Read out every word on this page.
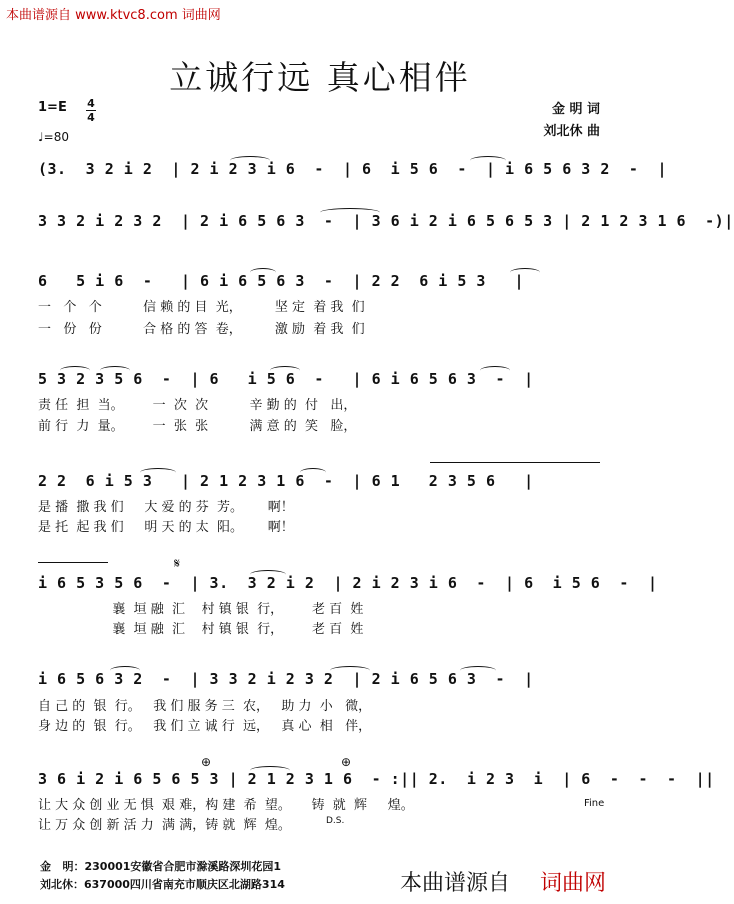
本曲谱源自 www.ktvc8.com 词曲网
立诚行远 真心相伴
1=E 4
4
♩=80
金 明 词
刘北休 曲
(3.  3 2 i 2  | 2 i 2 3 i 6  -  | 6  i 5 6  -  | i 6 5 6 3 2  -  |
3 3 2 i 2 3 2  | 2 i 6 5 6 3  -  | 3 6 i 2 i 6 5 6 5 3 | 2 1 2 3 1 6  -)|
6   5 i 6  -   | 6 i 6 5 6 3  -  | 2 2  6 i 5 3   |
一   个   个          信 赖 的 目  光，        坚 定  着 我  们
一   份   份          合 格 的 答  卷，        激 励  着 我  们
5 3 2 3 5 6  -  | 6   i 5 6  -   | 6 i 6 5 6 3  -  |
责 任  担  当。       一  次  次          辛 勤 的  付   出，
前 行  力  量。       一  张  张          满 意 的  笑   脸，
2 2  6 i 5 3   | 2 1 2 3 1 6  -  | 6 1   2 3 5 6   |
是 播  撒 我 们     大 爱 的 芬  芳。      啊！
是 托  起 我 们     明 天 的 太  阳。      啊！
𝄋
i 6 5 3 5 6  -  | 3.  3 2 i 2  | 2 i 2 3 i 6  -  | 6  i 5 6  -  |
襄  垣 融  汇    村 镇 银  行，       老 百  姓
襄  垣 融  汇    村 镇 银  行，       老 百  姓
i 6 5 6 3 2  -  | 3 3 2 i 2 3 2  | 2 i 6 5 6 3  -  |
自 己 的  银  行。   我 们 服 务 三  农，   助 力  小   微，
身 边 的  银  行。   我 们 立 诚 行  远，   真 心  相   伴，
⊕	⊕
3 6 i 2 i 6 5 6 5 3 | 2 1 2 3 1 6  - :|| 2.  i 2 3  i  | 6  -  -  -  ||
让 大 众 创 业 无 惧  艰 难，构 建  希  望。     铸  就  辉     煌。
让 万 众 创 新 活 力  满 满，铸 就  辉  煌。
Fine
D.S.
金   明：230001安徽省合肥市滁溪路深圳花园1
刘北休：637000四川省南充市顺庆区北湖路314	本曲谱源自 词曲网
